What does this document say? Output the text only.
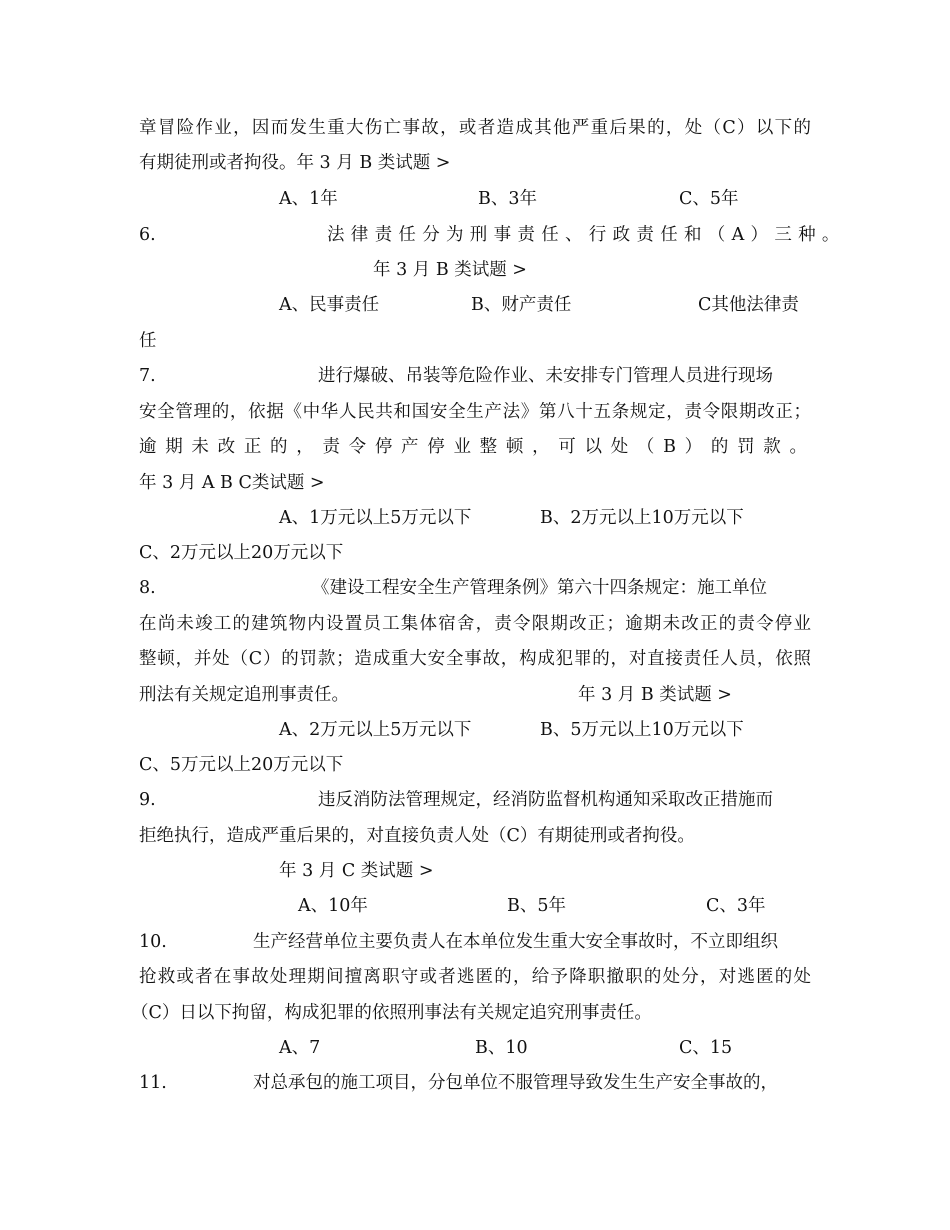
章冒险作业，因而发生重大伤亡事故，或者造成其他严重后果的，处（C）以下的
有期徒刑或者拘役。年 3 月 B 类试题 >
A、1年	B、3年	C、5年
6.	法律责任分为刑事责任、行政责任和（A）三种。
年 3 月 B 类试题 >
A、民事责任	B、财产责任	C其他法律责
任
7.	进行爆破、吊装等危险作业、未安排专门管理人员进行现场
安全管理的，依据《中华人民共和国安全生产法》第八十五条规定，责令限期改正；
逾期未改正的，责令停产停业整顿，可以处（B）的罚款。
年 3 月 A B C类试题 >
A、1万元以上5万元以下	B、2万元以上10万元以下
C、2万元以上20万元以下
8.	《建设工程安全生产管理条例》第六十四条规定：施工单位
在尚未竣工的建筑物内设置员工集体宿舍，责令限期改正；逾期未改正的责令停业
整顿，并处（C）的罚款；造成重大安全事故，构成犯罪的，对直接责任人员，依照
刑法有关规定追刑事责任。	年 3 月 B 类试题 >
A、2万元以上5万元以下	B、5万元以上10万元以下
C、5万元以上20万元以下
9.	违反消防法管理规定，经消防监督机构通知采取改正措施而
拒绝执行，造成严重后果的，对直接负责人处（C）有期徒刑或者拘役。
年 3 月 C 类试题 >
A、10年	B、5年	C、3年
10.	生产经营单位主要负责人在本单位发生重大安全事故时，不立即组织
抢救或者在事故处理期间擅离职守或者逃匿的，给予降职撤职的处分，对逃匿的处
（C）日以下拘留，构成犯罪的依照刑事法有关规定追究刑事责任。
A、7	B、10	C、15
11.	对总承包的施工项目，分包单位不服管理导致发生生产安全事故的，
